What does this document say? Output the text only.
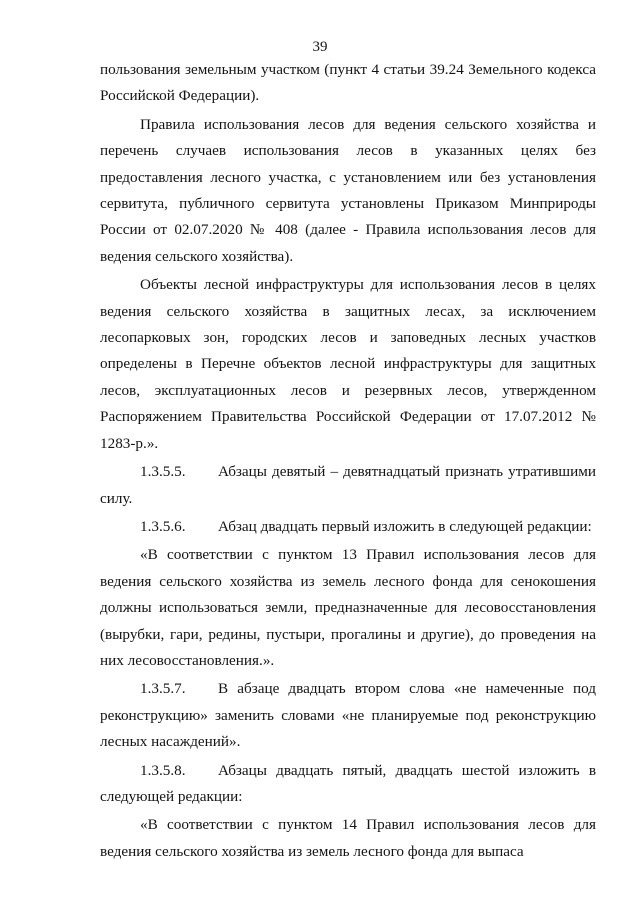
39

пользования земельным участком (пункт 4 статьи 39.24 Земельного кодекса Российской Федерации).

Правила использования лесов для ведения сельского хозяйства и перечень случаев использования лесов в указанных целях без предоставления лесного участка, с установлением или без установления сервитута, публичного сервитута установлены Приказом Минприроды России от 02.07.2020 № 408 (далее - Правила использования лесов для ведения сельского хозяйства).

Объекты лесной инфраструктуры для использования лесов в целях ведения сельского хозяйства в защитных лесах, за исключением лесопарковых зон, городских лесов и заповедных лесных участков определены в Перечне объектов лесной инфраструктуры для защитных лесов, эксплуатационных лесов и резервных лесов, утвержденном Распоряжением Правительства Российской Федерации от 17.07.2012 № 1283-р.».

1.3.5.5. Абзацы девятый – девятнадцатый признать утратившими силу.

1.3.5.6. Абзац двадцать первый изложить в следующей редакции:

«В соответствии с пунктом 13 Правил использования лесов для ведения сельского хозяйства из земель лесного фонда для сенокошения должны использоваться земли, предназначенные для лесовосстановления (вырубки, гари, редины, пустыри, прогалины и другие), до проведения на них лесовосстановления.».

1.3.5.7. В абзаце двадцать втором слова «не намеченные под реконструкцию» заменить словами «не планируемые под реконструкцию лесных насаждений».

1.3.5.8. Абзацы двадцать пятый, двадцать шестой изложить в следующей редакции:

«В соответствии с пунктом 14 Правил использования лесов для ведения сельского хозяйства из земель лесного фонда для выпаса
